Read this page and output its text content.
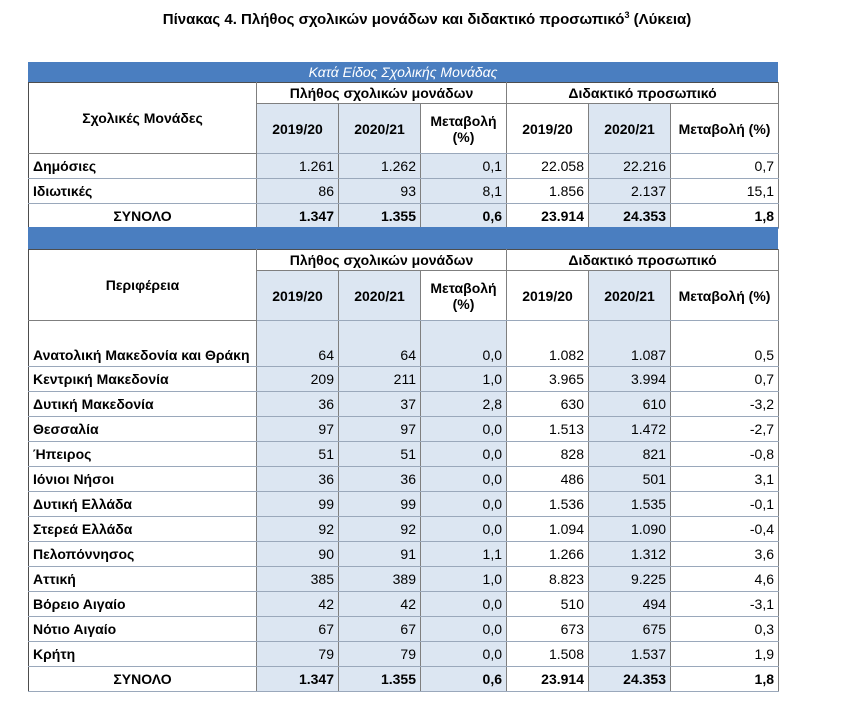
Πίνακας 4. Πλήθος σχολικών μονάδων και διδακτικό προσωπικό$^3$ (Λύκεια)
Κατά Είδος Σχολικής Μονάδας
Σχολικές Μονάδες	Πλήθος σχολικών μονάδων			Διδακτικό προσωπικό		
	2019/20	2020/21	Μεταβολή (%)	2019/20	2020/21	Μεταβολή (%)
Δημόσιες	1.261	1.262	0,1	22.058	22.216	0,7
Ιδιωτικές	86	93	8,1	1.856	2.137	15,1
ΣΥΝΟΛΟ	1.347	1.355	0,6	23.914	24.353	1,8
Περιφέρεια	Πλήθος σχολικών μονάδων			Διδακτικό προσωπικό		
	2019/20	2020/21	Μεταβολή (%)	2019/20	2020/21	Μεταβολή (%)
Ανατολική Μακεδονία και Θράκη	64	64	0,0	1.082	1.087	0,5
Κεντρική Μακεδονία	209	211	1,0	3.965	3.994	0,7
Δυτική Μακεδονία	36	37	2,8	630	610	-3,2
Θεσσαλία	97	97	0,0	1.513	1.472	-2,7
Ήπειρος	51	51	0,0	828	821	-0,8
Ιόνιοι Νήσοι	36	36	0,0	486	501	3,1
Δυτική Ελλάδα	99	99	0,0	1.536	1.535	-0,1
Στερεά Ελλάδα	92	92	0,0	1.094	1.090	-0,4
Πελοπόννησος	90	91	1,1	1.266	1.312	3,6
Αττική	385	389	1,0	8.823	9.225	4,6
Βόρειο Αιγαίο	42	42	0,0	510	494	-3,1
Νότιο Αιγαίο	67	67	0,0	673	675	0,3
Κρήτη	79	79	0,0	1.508	1.537	1,9
ΣΥΝΟΛΟ	1.347	1.355	0,6	23.914	24.353	1,8
